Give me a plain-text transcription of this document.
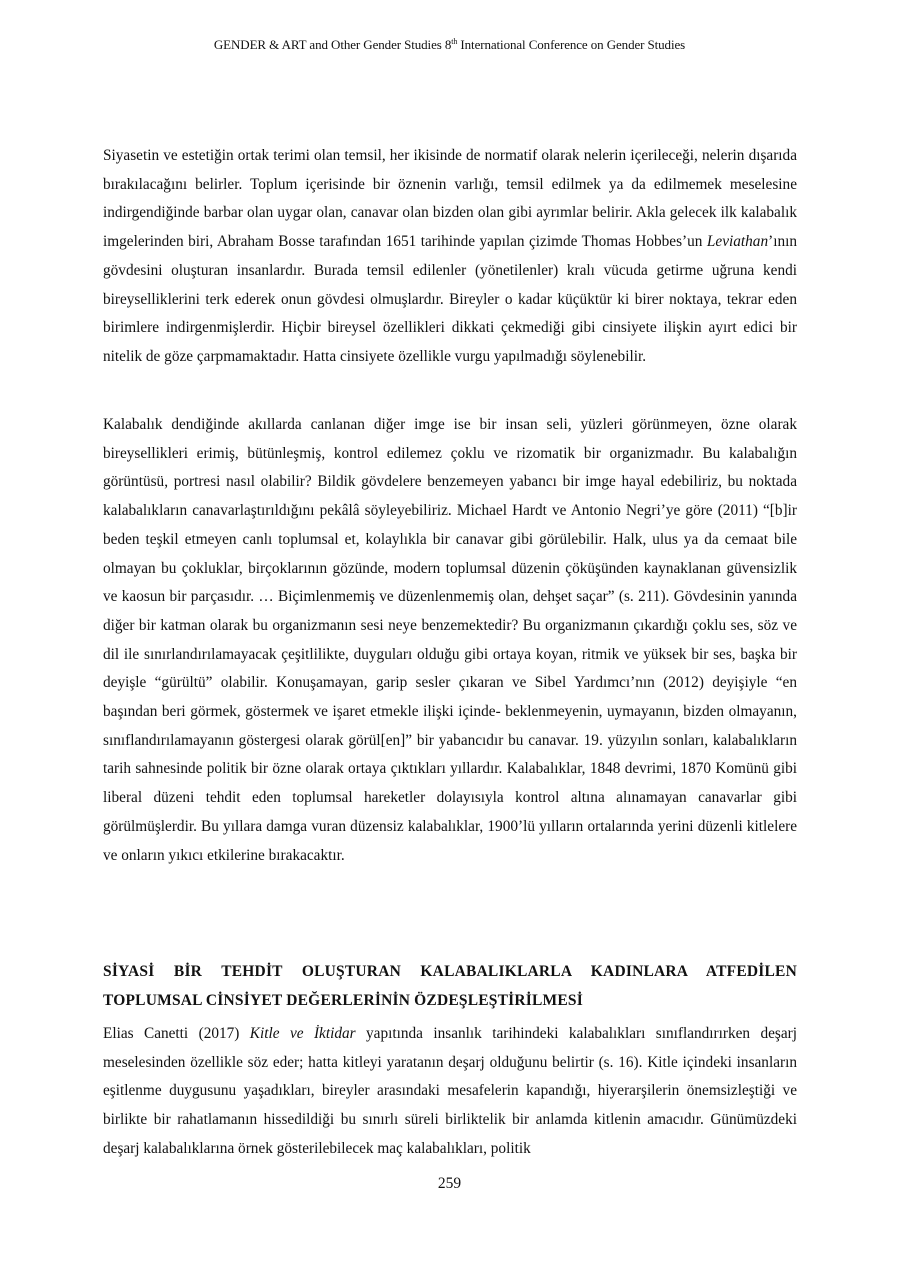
GENDER & ART and Other Gender Studies 8th International Conference on Gender Studies

Siyasetin ve estetiğin ortak terimi olan temsil, her ikisinde de normatif olarak nelerin içerileceği, nelerin dışarıda bırakılacağını belirler. Toplum içerisinde bir öznenin varlığı, temsil edilmek ya da edilmemek meselesine indirgendiğinde barbar olan uygar olan, canavar olan bizden olan gibi ayrımlar belirir. Akla gelecek ilk kalabalık imgelerinden biri, Abraham Bosse tarafından 1651 tarihinde yapılan çizimde Thomas Hobbes’un Leviathan’ının gövdesini oluşturan insanlardır. Burada temsil edilenler (yönetilenler) kralı vücuda getirme uğruna kendi bireyselliklerini terk ederek onun gövdesi olmuşlardır. Bireyler o kadar küçüktür ki birer noktaya, tekrar eden birimlere indirgenmişlerdir. Hiçbir bireysel özellikleri dikkati çekmediği gibi cinsiyete ilişkin ayırt edici bir nitelik de göze çarpmamaktadır. Hatta cinsiyete özellikle vurgu yapılmadığı söylenebilir.

Kalabalık dendiğinde akıllarda canlanan diğer imge ise bir insan seli, yüzleri görünmeyen, özne olarak bireysellikleri erimiş, bütünleşmiş, kontrol edilemez çoklu ve rizomatik bir organizmadır. Bu kalabalığın görüntüsü, portresi nasıl olabilir? Bildik gövdelere benzemeyen yabancı bir imge hayal edebiliriz, bu noktada kalabalıkların canavarlaştırıldığını pekâlâ söyleyebiliriz. Michael Hardt ve Antonio Negri’ye göre (2011) “[b]ir beden teşkil etmeyen canlı toplumsal et, kolaylıkla bir canavar gibi görülebilir. Halk, ulus ya da cemaat bile olmayan bu çokluklar, birçoklarının gözünde, modern toplumsal düzenin çöküşünden kaynaklanan güvensizlik ve kaosun bir parçasıdır. … Biçimlenmemiş ve düzenlenmemiş olan, dehşet saçar” (s. 211). Gövdesinin yanında diğer bir katman olarak bu organizmanın sesi neye benzemektedir? Bu organizmanın çıkardığı çoklu ses, söz ve dil ile sınırlandırılamayacak çeşitlilikte, duyguları olduğu gibi ortaya koyan, ritmik ve yüksek bir ses, başka bir deyişle “gürültü” olabilir. Konuşamayan, garip sesler çıkaran ve Sibel Yardımcı’nın (2012) deyişiyle “en başından beri görmek, göstermek ve işaret etmekle ilişki içinde- beklenmeyenin, uymayanın, bizden olmayanın, sınıflandırılamayanın göstergesi olarak görül[en]” bir yabancıdır bu canavar. 19. yüzyılın sonları, kalabalıkların tarih sahnesinde politik bir özne olarak ortaya çıktıkları yıllardır. Kalabalıklar, 1848 devrimi, 1870 Komünü gibi liberal düzeni tehdit eden toplumsal hareketler dolayısıyla kontrol altına alınamayan canavarlar gibi görülmüşlerdir. Bu yıllara damga vuran düzensiz kalabalıklar, 1900’lü yılların ortalarında yerini düzenli kitlelere ve onların yıkıcı etkilerine bırakacaktır.

SİYASİ BİR TEHDİT OLUŞTURAN KALABALIKLARLA KADINLARA ATFEDİLEN TOPLUMSAL CİNSİYET DEĞERLERİNİN ÖZDEŞLEŞTİRİLMESİ

Elias Canetti (2017) Kitle ve İktidar yapıtında insanlık tarihindeki kalabalıkları sınıflandırırken deşarj meselesinden özellikle söz eder; hatta kitleyi yaratanın deşarj olduğunu belirtir (s. 16). Kitle içindeki insanların eşitlenme duygusunu yaşadıkları, bireyler arasındaki mesafelerin kapandığı, hiyerarşilerin önemsizleştiği ve birlikte bir rahatlamanın hissedildiği bu sınırlı süreli birliktelik bir anlamda kitlenin amacıdır. Günümüzdeki deşarj kalabalıklarına örnek gösterilebilecek maç kalabalıkları, politik

259
